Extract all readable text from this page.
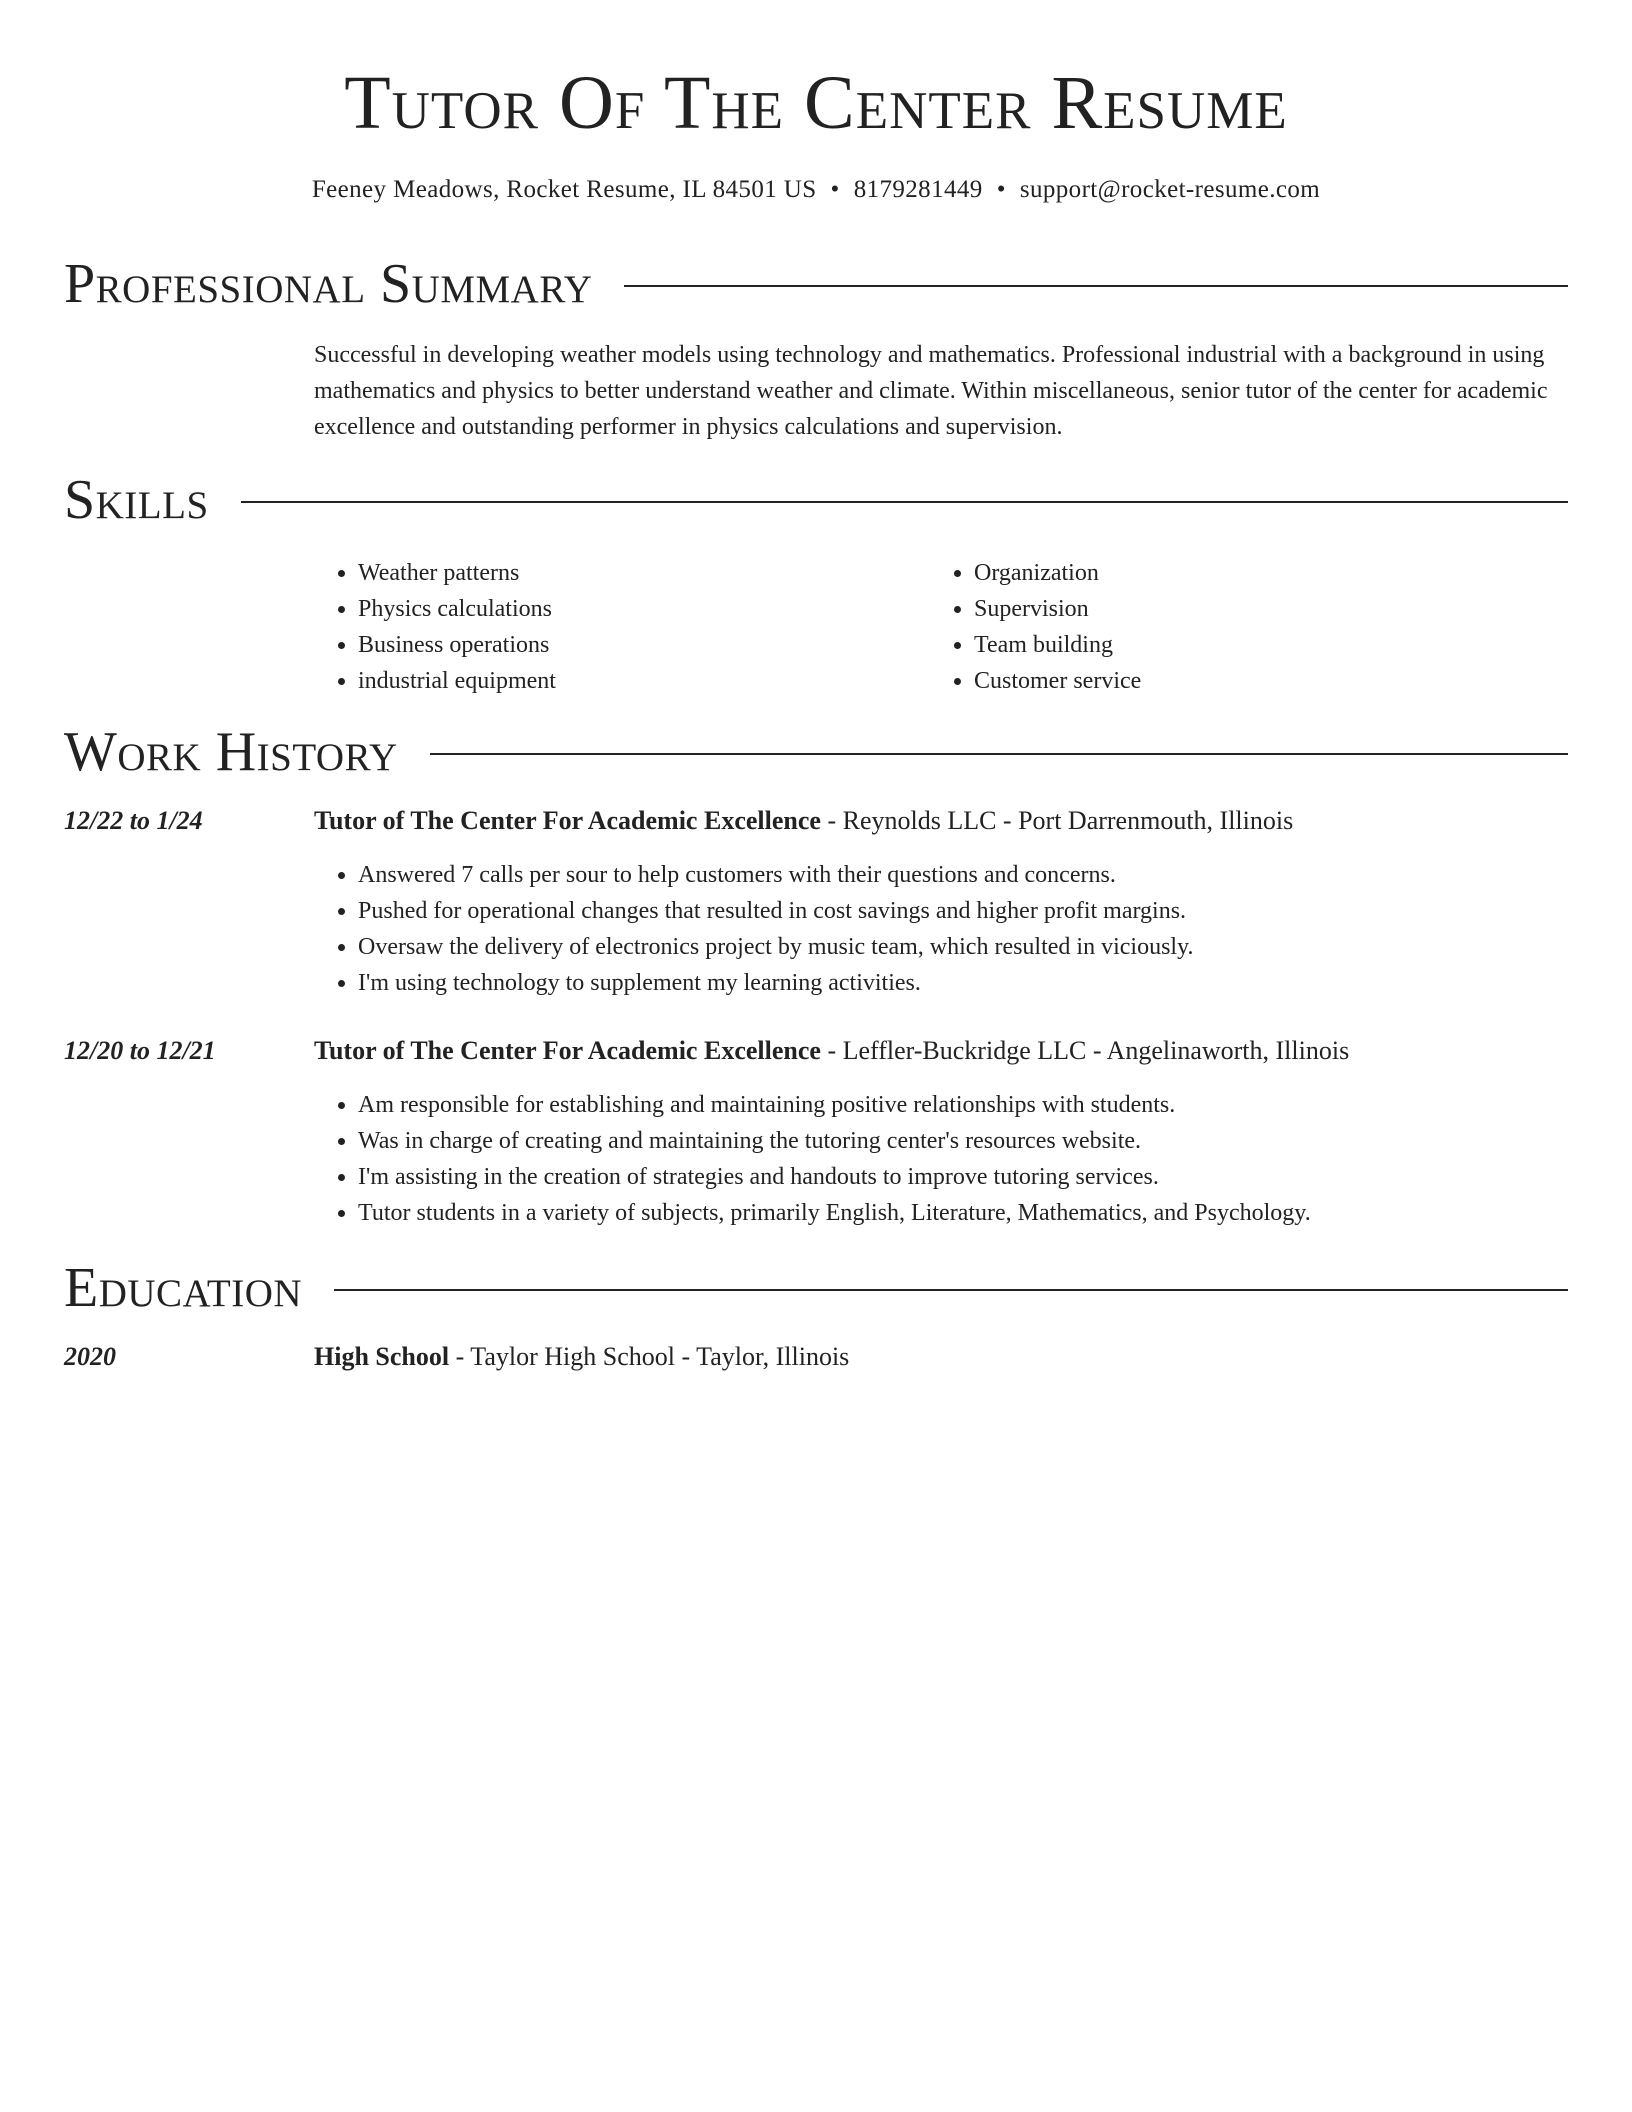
Tutor Of The Center Resume
Feeney Meadows, Rocket Resume, IL 84501 US • 8179281449 • support@rocket-resume.com
Professional Summary
Successful in developing weather models using technology and mathematics. Professional industrial with a background in using mathematics and physics to better understand weather and climate. Within miscellaneous, senior tutor of the center for academic excellence and outstanding performer in physics calculations and supervision.
Skills
• Weather patterns
• Physics calculations
• Business operations
• industrial equipment
• Organization
• Supervision
• Team building
• Customer service
Work History
12/22 to 1/24	Tutor of The Center For Academic Excellence - Reynolds LLC - Port Darrenmouth, Illinois
• Answered 7 calls per sour to help customers with their questions and concerns.
• Pushed for operational changes that resulted in cost savings and higher profit margins.
• Oversaw the delivery of electronics project by music team, which resulted in viciously.
• I'm using technology to supplement my learning activities.
12/20 to 12/21	Tutor of The Center For Academic Excellence - Leffler-Buckridge LLC - Angelinaworth, Illinois
• Am responsible for establishing and maintaining positive relationships with students.
• Was in charge of creating and maintaining the tutoring center's resources website.
• I'm assisting in the creation of strategies and handouts to improve tutoring services.
• Tutor students in a variety of subjects, primarily English, Literature, Mathematics, and Psychology.
Education
2020	High School - Taylor High School - Taylor, Illinois
